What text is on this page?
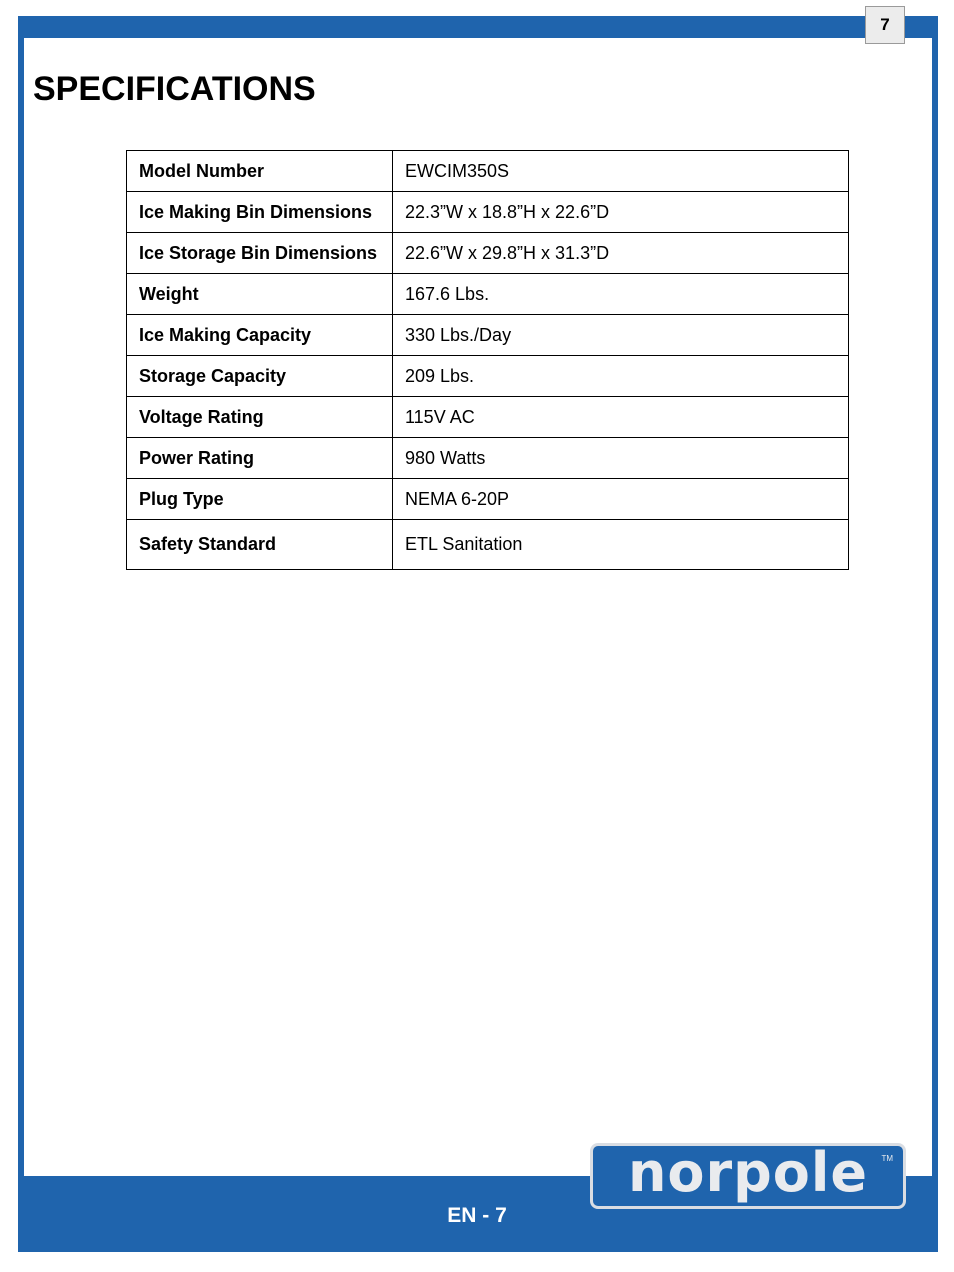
7
SPECIFICATIONS
Model Number	EWCIM350S
Ice Making Bin Dimensions	22.3”W x 18.8”H x 22.6”D
Ice Storage Bin Dimensions	22.6”W x 29.8”H x 31.3”D
Weight	167.6 Lbs.
Ice Making Capacity	330 Lbs./Day
Storage Capacity	209 Lbs.
Voltage Rating	115V AC
Power Rating	980 Watts
Plug Type	NEMA 6-20P
Safety Standard	ETL Sanitation
norpole TM
EN - 7
